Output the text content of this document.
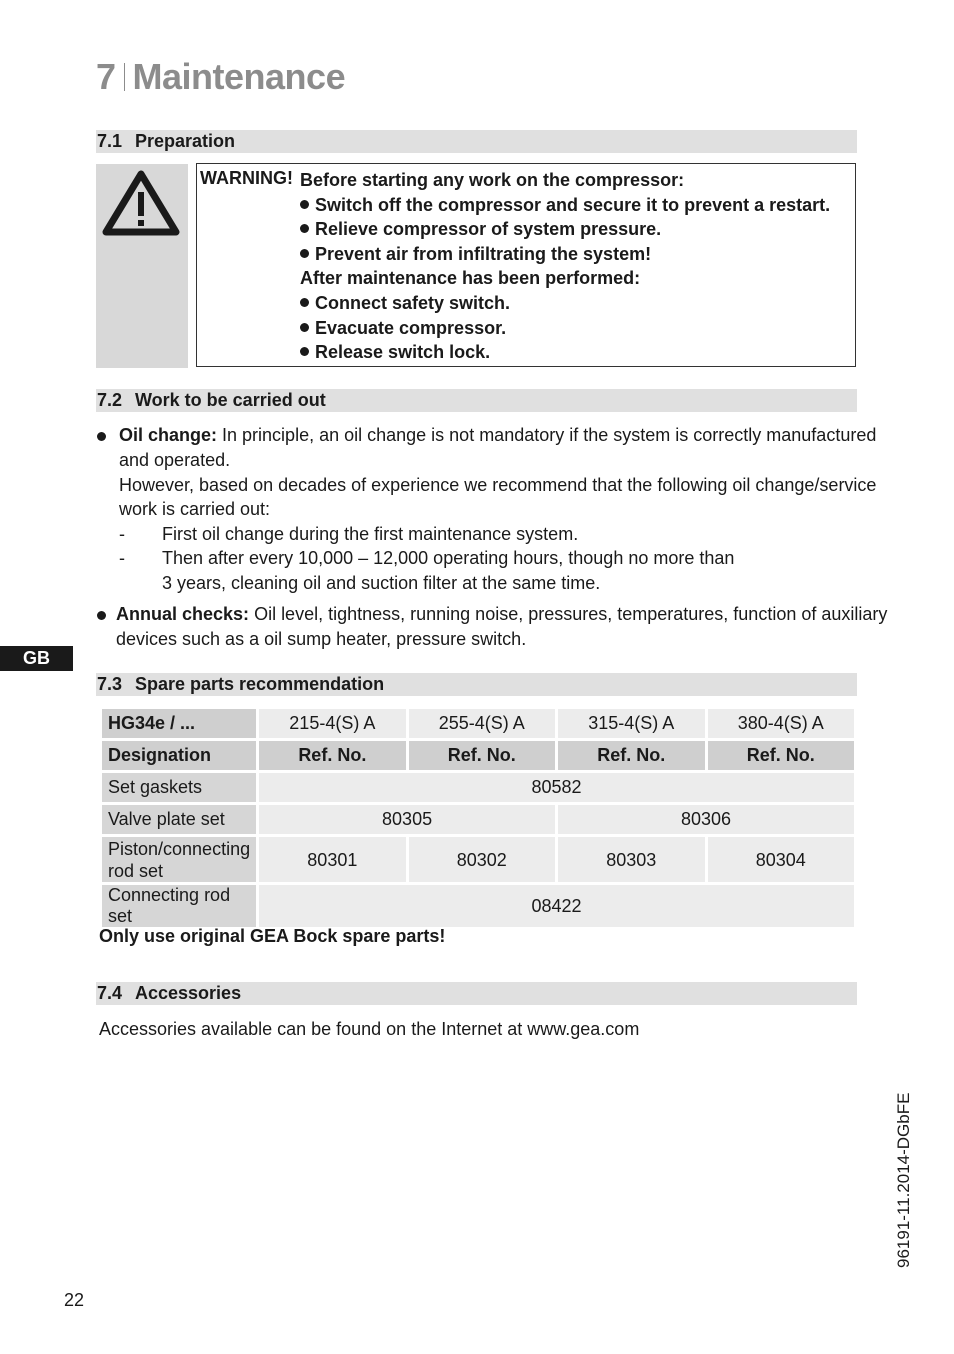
7 Maintenance
7.1 Preparation
WARNING! Before starting any work on the compressor:
Switch off the compressor and secure it to prevent a restart.
Relieve compressor of system pressure.
Prevent air from infiltrating the system!
After maintenance has been performed:
Connect safety switch.
Evacuate compressor.
Release switch lock.
7.2 Work to be carried out
Oil change: In principle, an oil change is not mandatory if the system is correctly manufactured
and operated.
However, based on decades of experience we recommend that the following oil change/service
work is carried out:
- First oil change during the first maintenance system.
- Then after every 10,000 – 12,000 operating hours, though no more than
3 years, cleaning oil and suction filter at the same time.
Annual checks: Oil level, tightness, running noise, pressures, temperatures, function of auxiliary
devices such as a oil sump heater, pressure switch.
GB
7.3 Spare parts recommendation
HG34e / ...	215-4(S) A	255-4(S) A	315-4(S) A	380-4(S) A
Designation	Ref. No.	Ref. No.	Ref. No.	Ref. No.
Set gaskets	80582			
Valve plate set	80305		80306	
Piston/connecting
rod set	80301	80302	80303	80304
Connecting rod set	08422			
Only use original GEA Bock spare parts!
7.4 Accessories
Accessories available can be found on the Internet at www.gea.com
96191-11.2014-DGbFE
22
